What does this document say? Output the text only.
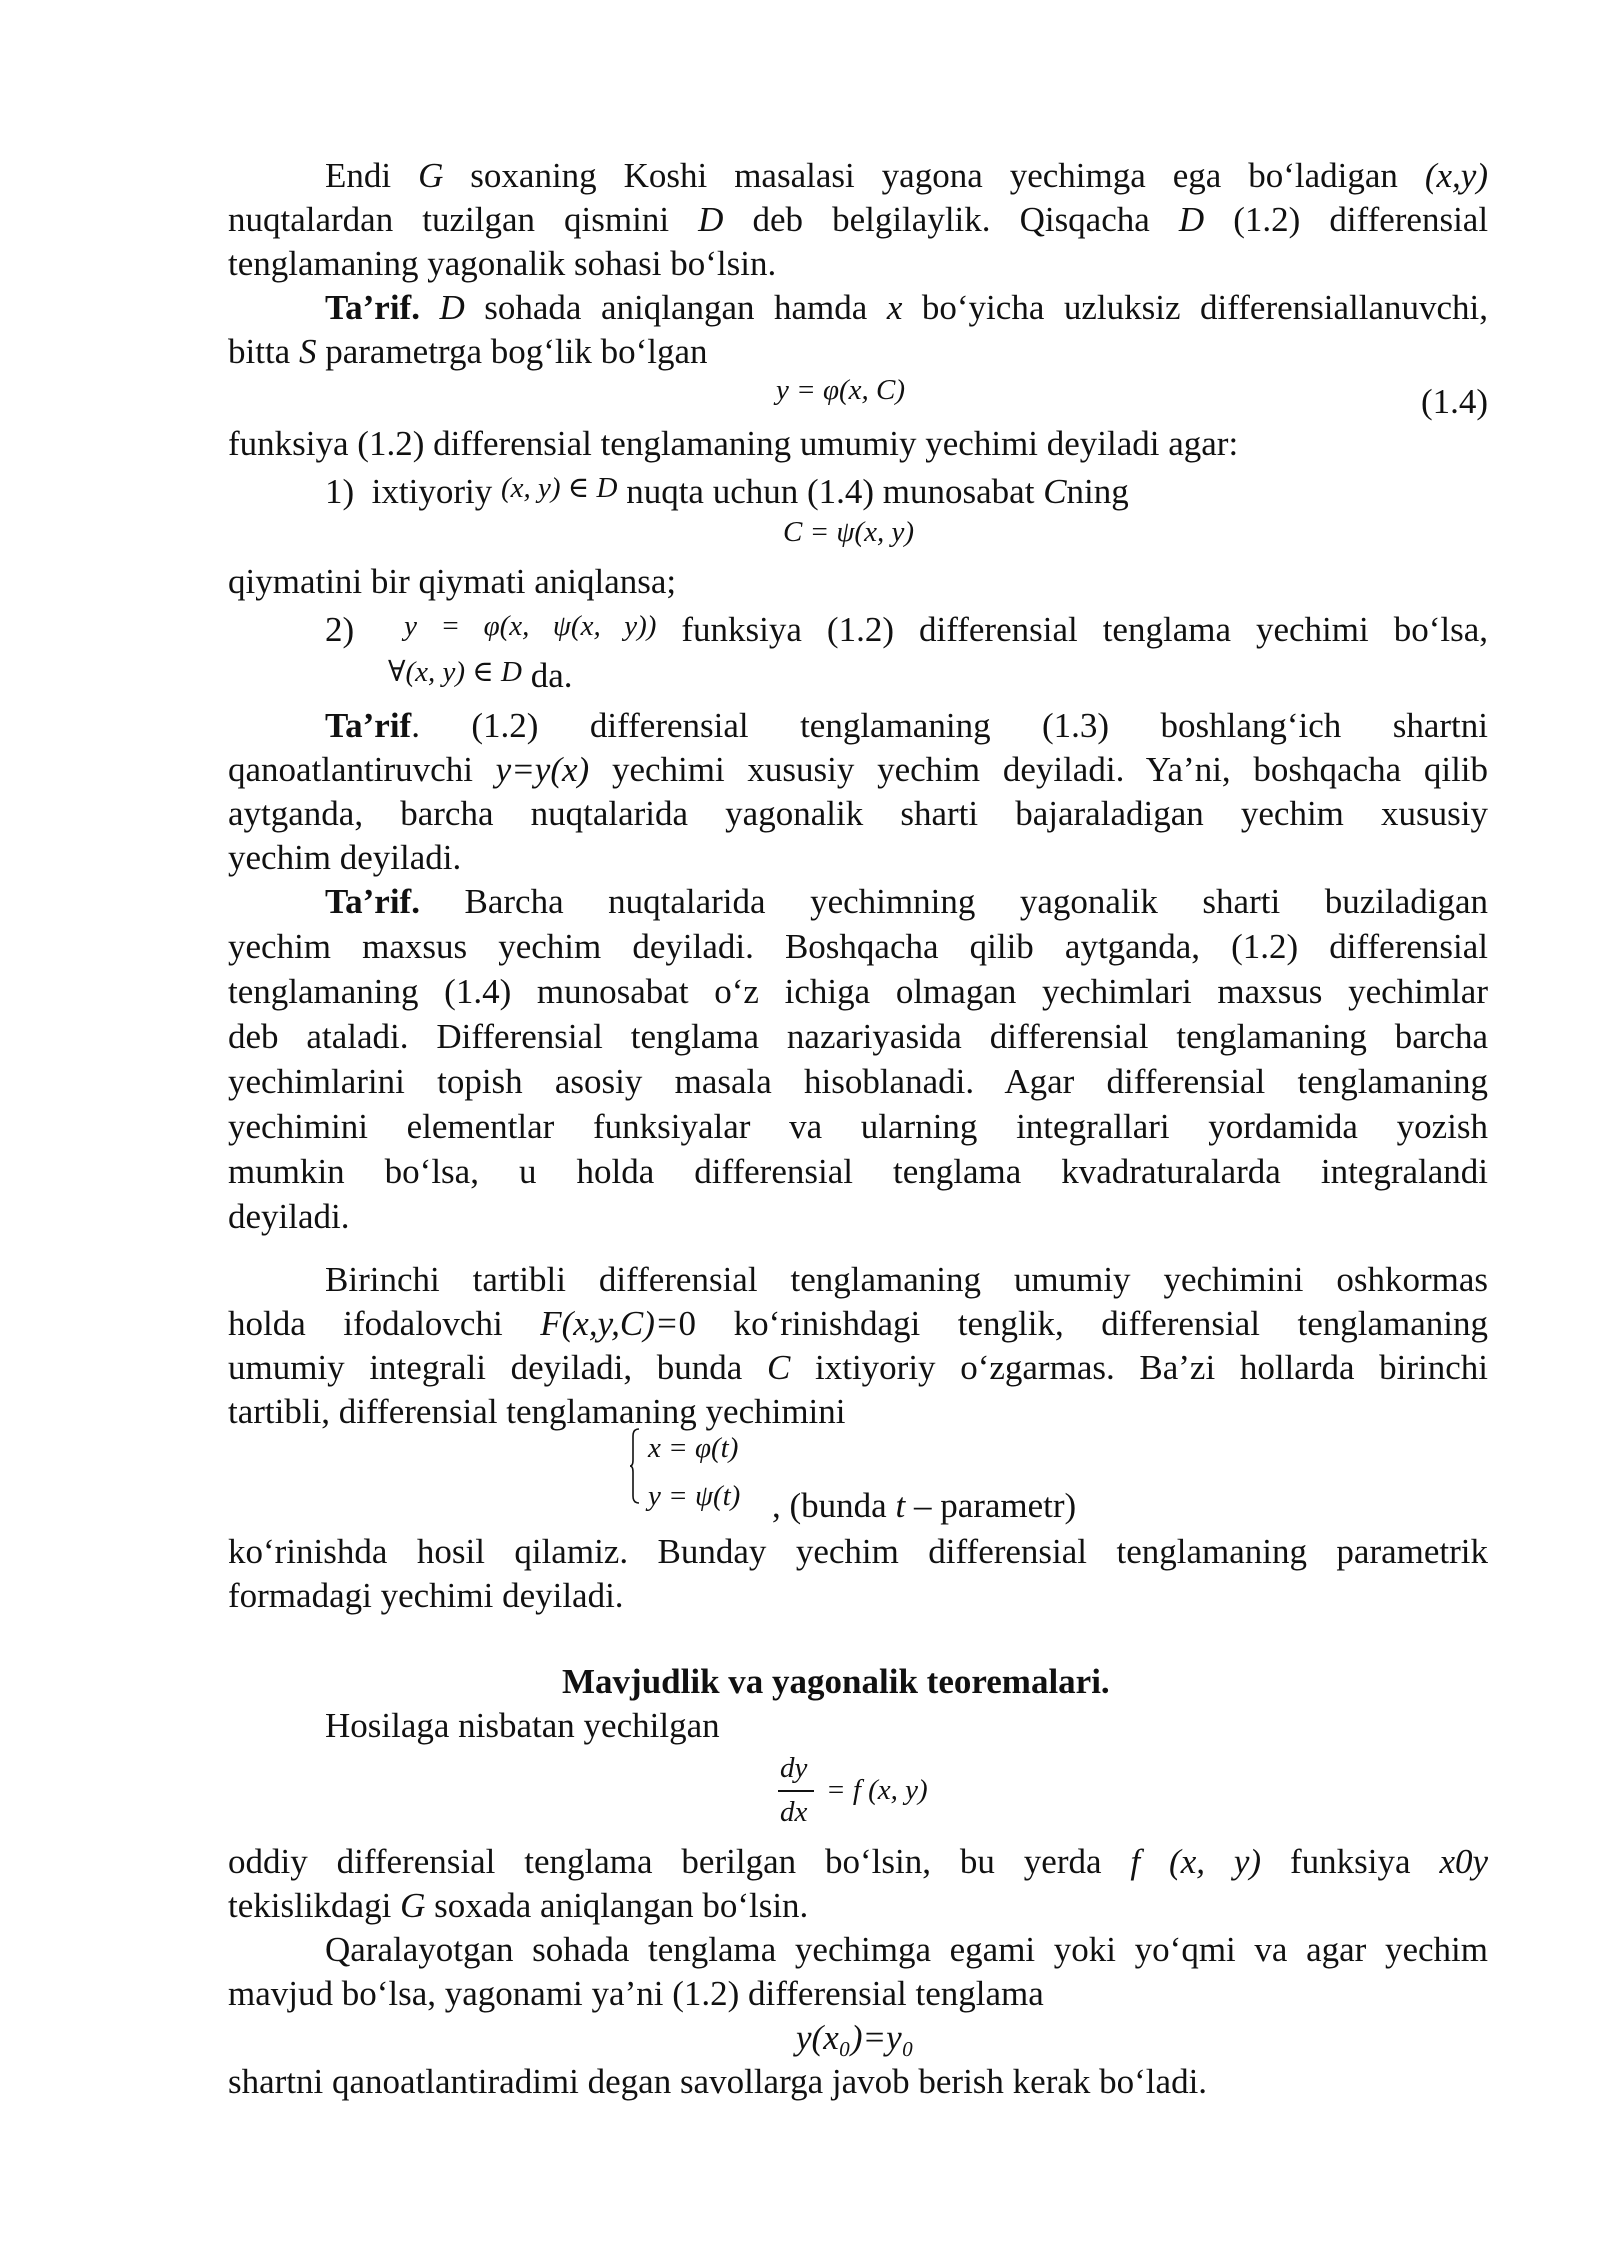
Endi G soxaning Koshi masalasi yagona yechimga ega bo‘ladigan (x,y)
nuqtalardan tuzilgan qismini D deb belgilaylik. Qisqacha D (1.2) differensial
tenglamaning yagonalik sohasi bo‘lsin.
Ta’rif. D sohada aniqlangan hamda x bo‘yicha uzluksiz differensiallanuvchi,
bitta S parametrga bog‘lik bo‘lgan
y = φ(x, C)	(1.4)
funksiya (1.2) differensial tenglamaning umumiy yechimi deyiladi agar:
1) ixtiyoriy (x, y) ∈ D nuqta uchun (1.4) munosabat Cning
C = ψ(x, y)
qiymatini bir qiymati aniqlansa;
2) y = φ(x, ψ(x, y)) funksiya (1.2) differensial tenglama yechimi bo‘lsa,
∀(x, y) ∈ D da.
Ta’rif. (1.2) differensial tenglamaning (1.3) boshlang‘ich shartni
qanoatlantiruvchi y=y(x) yechimi xususiy yechim deyiladi. Ya’ni, boshqacha qilib
aytganda, barcha nuqtalarida yagonalik sharti bajaraladigan yechim xususiy
yechim deyiladi.
Ta’rif. Barcha nuqtalarida yechimning yagonalik sharti buziladigan
yechim maxsus yechim deyiladi. Boshqacha qilib aytganda, (1.2) differensial
tenglamaning (1.4) munosabat o‘z ichiga olmagan yechimlari maxsus yechimlar
deb ataladi. Differensial tenglama nazariyasida differensial tenglamaning barcha
yechimlarini topish asosiy masala hisoblanadi. Agar differensial tenglamaning
yechimini elementlar funksiyalar va ularning integrallari yordamida yozish
mumkin bo‘lsa, u holda differensial tenglama kvadraturalarda integralandi
deyiladi.
Birinchi tartibli differensial tenglamaning umumiy yechimini oshkormas
holda ifodalovchi F(x,y,C)=0 ko‘rinishdagi tenglik, differensial tenglamaning
umumiy integrali deyiladi, bunda C ixtiyoriy o‘zgarmas. Ba’zi hollarda birinchi
tartibli, differensial tenglamaning yechimini
x = φ(t)
y = ψ(t) , (bunda t – parametr)
ko‘rinishda hosil qilamiz. Bunday yechim differensial tenglamaning parametrik
formadagi yechimi deyiladi.
Mavjudlik va yagonalik teoremalari.
Hosilaga nisbatan yechilgan
dy
dx
= f (x, y)
oddiy differensial tenglama berilgan bo‘lsin, bu yerda f (x, y) funksiya x0y
tekislikdagi G soxada aniqlangan bo‘lsin.
Qaralayotgan sohada tenglama yechimga egami yoki yo‘qmi va agar yechim
mavjud bo‘lsa, yagonami ya’ni (1.2) differensial tenglama
y(x₀)=y₀
shartni qanoatlantiradimi degan savollarga javob berish kerak bo‘ladi.
